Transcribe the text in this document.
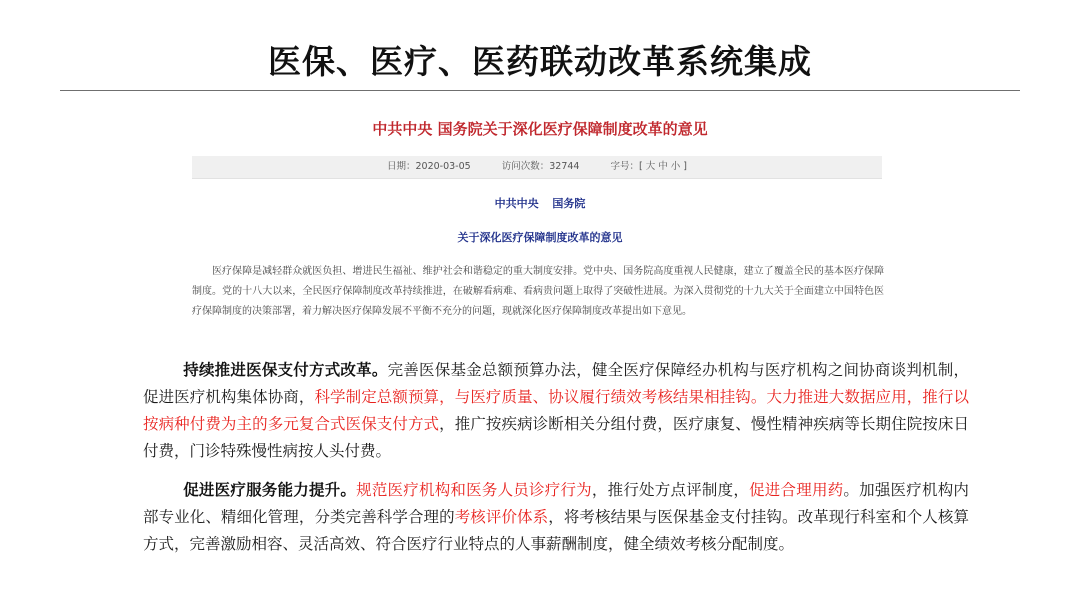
医保、医疗、医药联动改革系统集成
中共中央 国务院关于深化医疗保障制度改革的意见
日期：2020-03-05	访问次数：32744	字号：[ 大 中 小 ]
中共中央 国务院
关于深化医疗保障制度改革的意见
医疗保障是减轻群众就医负担、增进民生福祉、维护社会和谐稳定的重大制度安排。党中央、国务院高度重视人民健康，建立了覆盖全民的基本医疗保障制度。党的十八大以来，全民医疗保障制度改革持续推进，在破解看病难、看病贵问题上取得了突破性进展。为深入贯彻党的十九大关于全面建立中国特色医疗保障制度的决策部署，着力解决医疗保障发展不平衡不充分的问题，现就深化医疗保障制度改革提出如下意见。
持续推进医保支付方式改革。完善医保基金总额预算办法，健全医疗保障经办机构与医疗机构之间协商谈判机制，促进医疗机构集体协商，科学制定总额预算，与医疗质量、协议履行绩效考核结果相挂钩。大力推进大数据应用，推行以按病种付费为主的多元复合式医保支付方式，推广按疾病诊断相关分组付费，医疗康复、慢性精神疾病等长期住院按床日付费，门诊特殊慢性病按人头付费。
促进医疗服务能力提升。规范医疗机构和医务人员诊疗行为，推行处方点评制度，促进合理用药。加强医疗机构内部专业化、精细化管理，分类完善科学合理的考核评价体系，将考核结果与医保基金支付挂钩。改革现行科室和个人核算方式，完善激励相容、灵活高效、符合医疗行业特点的人事薪酬制度，健全绩效考核分配制度。
